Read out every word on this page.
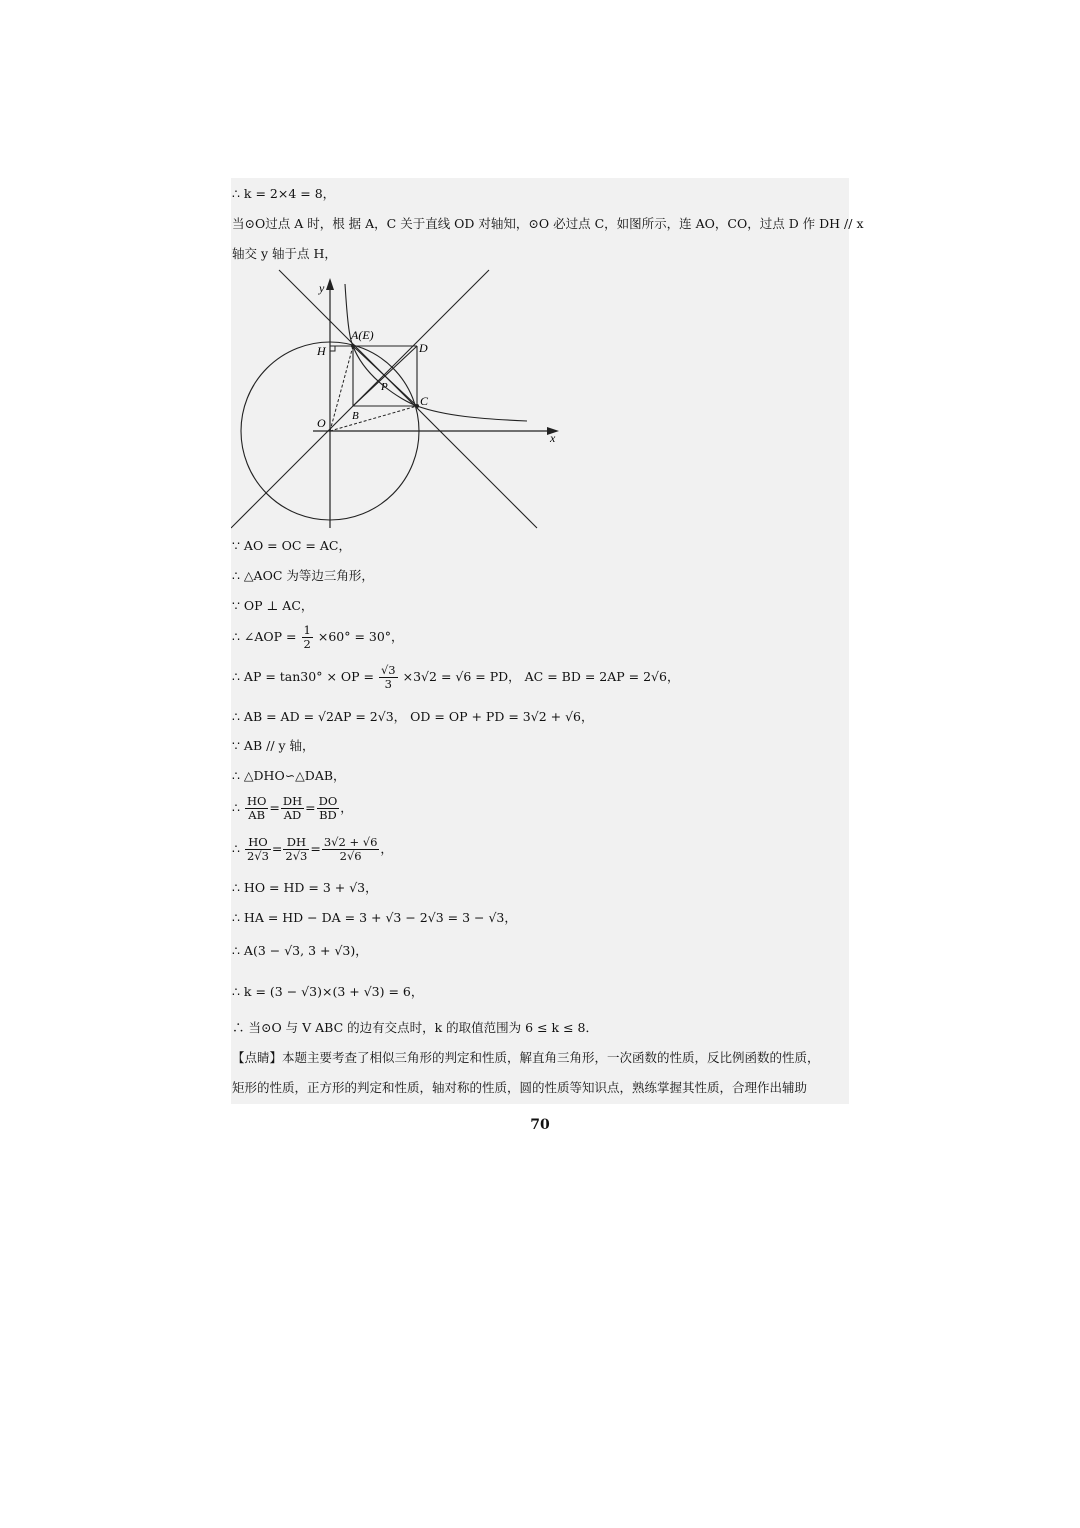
∴ k = 2×4 = 8，
当⊙O过点 A 时，根 据 A，C 关于直线 OD 对轴知，⊙O 必过点 C，如图所示，连 AO，CO，过点 D 作 DH // x
轴交 y 轴于点 H，
y
x
A(E)
D
H
P
C
B
O
∵ AO = OC = AC，
∴ △AOC 为等边三角形，
∵ OP ⊥ AC，
∴ ∠AOP = $\frac{1}{2} \times 60^\circ = 30^\circ$，
∴ AP = tan30° × OP = $\frac{√3}{3} \times 3√2 = √6$ = PD， AC = BD = 2AP = 2√6，
∴ AB = AD = √2AP = 2√3， OD = OP + PD = 3√2 + √6，
∵ AB // y 轴，
∴ △DHO∽△DAB，
∴ $\frac{HO}{AB} = \frac{DH}{AD} = \frac{DO}{BD}$ ，
∴ $\frac{HO}{2√3} = \frac{DH}{2√3} = \frac{3√2 + √6}{2√6}$ ，
∴ HO = HD = 3 + √3，
∴ HA = HD − DA = 3 + √3 − 2√3 = 3 − √3，
∴ A(3 − √3, 3 + √3)，
∴ k = (3 − √3)×(3 + √3) = 6，
∴ 当⊙O 与 V ABC 的边有交点时，k 的取值范围为 6 ≤ k ≤ 8．
【点睛】本题主要考查了相似三角形的判定和性质，解直角三角形，一次函数的性质，反比例函数的性质，
矩形的性质，正方形的判定和性质，轴对称的性质，圆的性质等知识点，熟练掌握其性质，合理作出辅助
70
